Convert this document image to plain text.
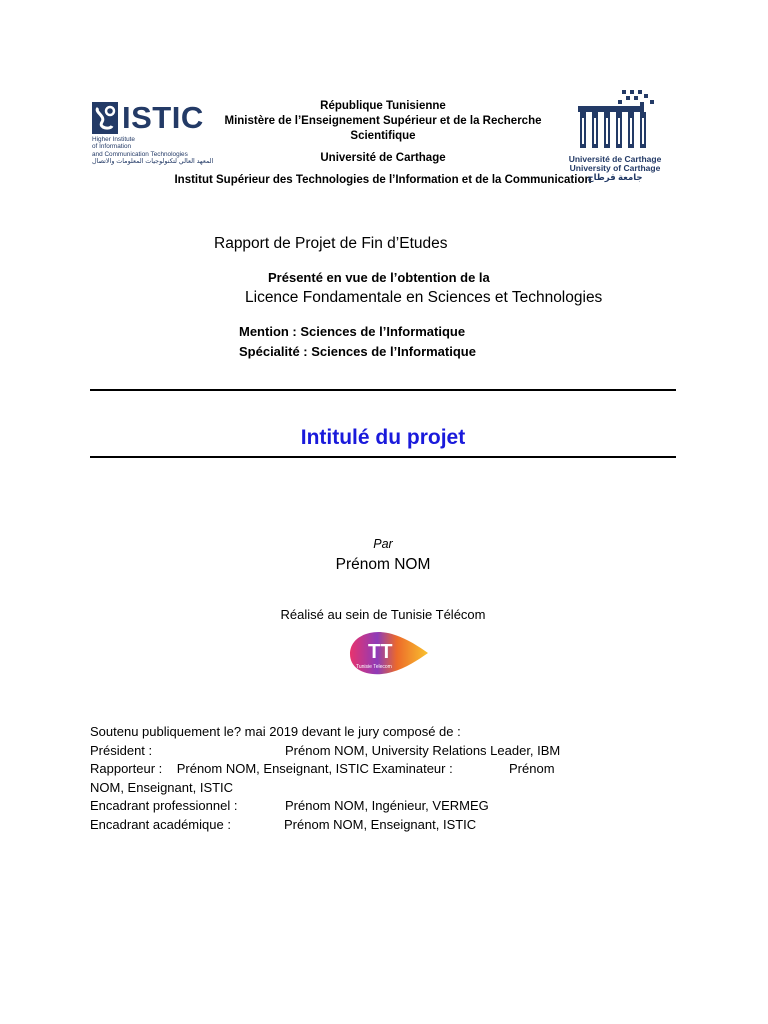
ISTIC
Higher Institute
of Information
and Communication Technologies
المعهد العالي لتكنولوجيات المعلومات والاتصال
République Tunisienne
Ministère de l’Enseignement Supérieur et de la Recherche
Scientifique
Université de Carthage
Institut Supérieur des Technologies de l’Information et de la Communication
Université de Carthage
University of Carthage
جامعة قرطاج
Rapport de Projet de Fin d’Etudes
Présenté en vue de l’obtention de la
Licence Fondamentale en Sciences et Technologies
Mention : Sciences de l’Informatique
Spécialité : Sciences de l’Informatique
Intitulé du projet
Par
Prénom NOM
Réalisé au sein de Tunisie Télécom
TT
Tunisie Telecom
Soutenu publiquement le? mai 2019 devant le jury composé de :
Président :	Prénom NOM, University Relations Leader, IBM
Rapporteur :    Prénom NOM, Enseignant, ISTIC Examinateur :	Prénom
NOM, Enseignant, ISTIC
Encadrant professionnel :	Prénom NOM, Ingénieur, VERMEG
Encadrant académique :	Prénom NOM, Enseignant, ISTIC
